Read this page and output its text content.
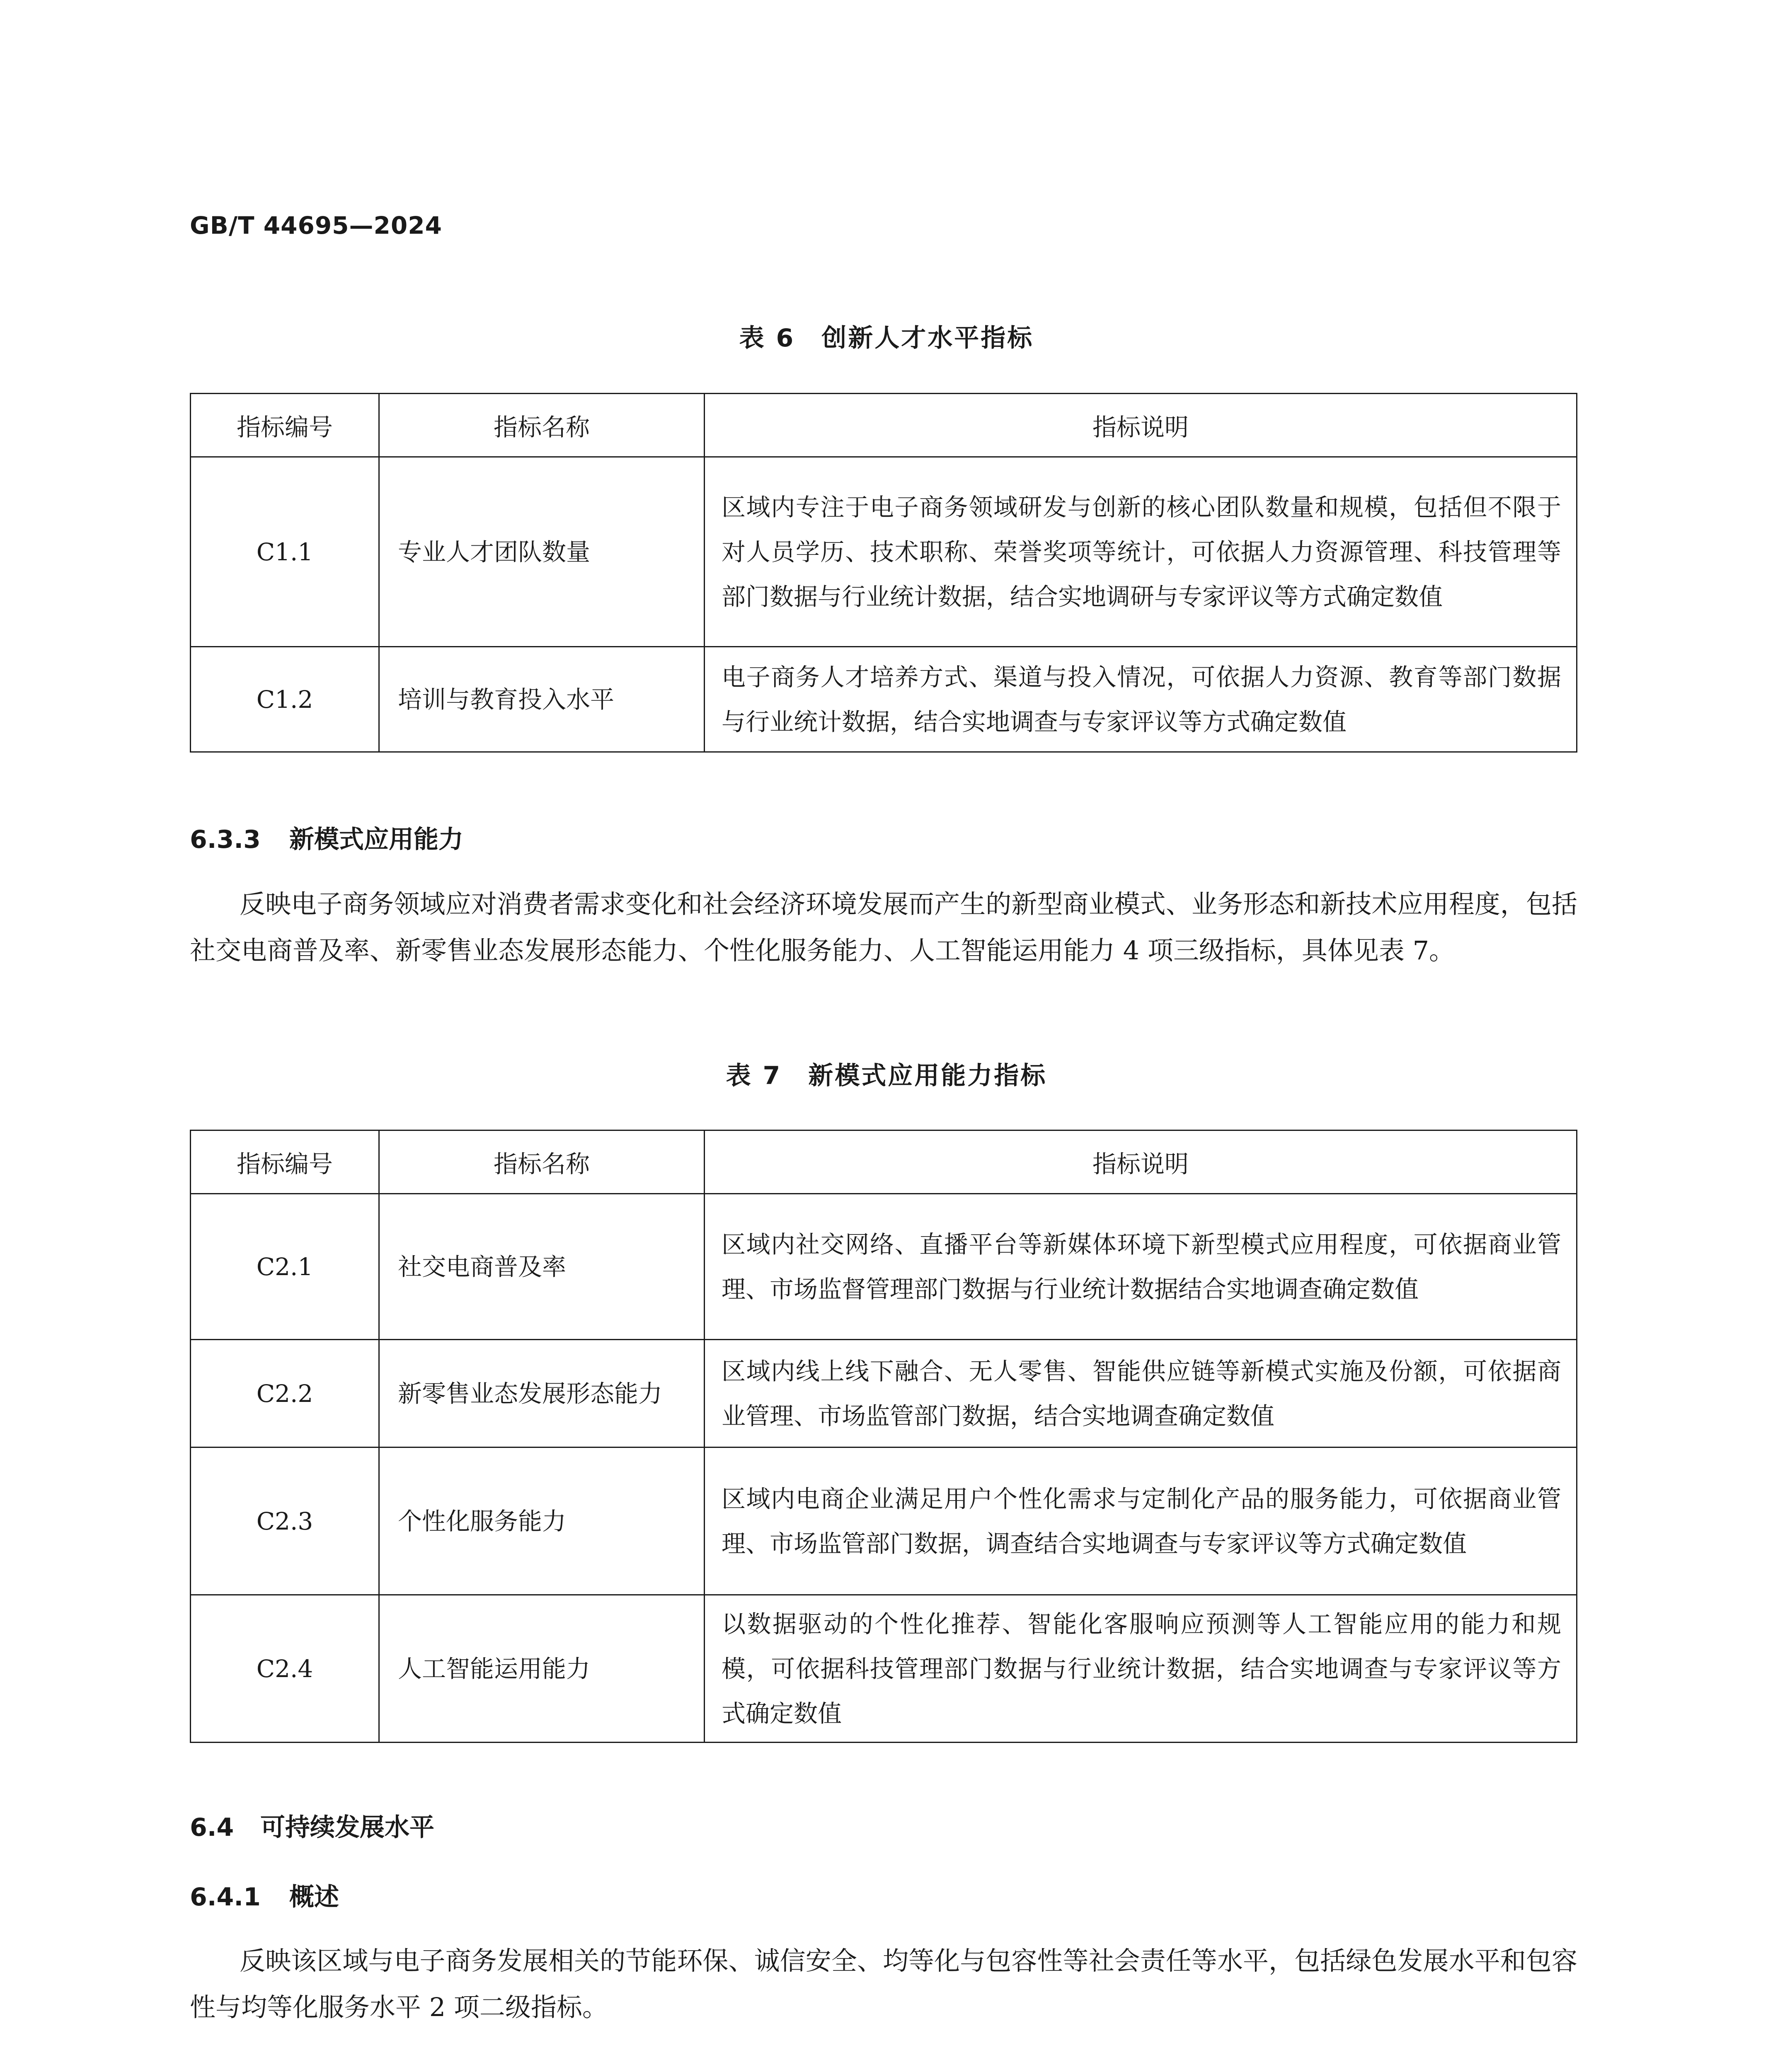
GB/T 44695—2024
表 6　创新人才水平指标
指标编号	指标名称	指标说明
C1.1	专业人才团队数量	区域内专注于电子商务领域研发与创新的核心团队数量和规模，包括但不限于对人员学历、技术职称、荣誉奖项等统计，可依据人力资源管理、科技管理等部门数据与行业统计数据，结合实地调研与专家评议等方式确定数值
C1.2	培训与教育投入水平	电子商务人才培养方式、渠道与投入情况，可依据人力资源、教育等部门数据与行业统计数据，结合实地调查与专家评议等方式确定数值
6.3.3 新模式应用能力

反映电子商务领域应对消费者需求变化和社会经济环境发展而产生的新型商业模式、业务形态和新技术应用程度，包括社交电商普及率、新零售业态发展形态能力、个性化服务能力、人工智能运用能力 4 项三级指标，具体见表 7。

表 7　新模式应用能力指标
指标编号	指标名称	指标说明
C2.1	社交电商普及率	区域内社交网络、直播平台等新媒体环境下新型模式应用程度，可依据商业管理、市场监督管理部门数据与行业统计数据结合实地调查确定数值
C2.2	新零售业态发展形态能力	区域内线上线下融合、无人零售、智能供应链等新模式实施及份额，可依据商业管理、市场监管部门数据，结合实地调查确定数值
C2.3	个性化服务能力	区域内电商企业满足用户个性化需求与定制化产品的服务能力，可依据商业管理、市场监管部门数据，调查结合实地调查与专家评议等方式确定数值
C2.4	人工智能运用能力	以数据驱动的个性化推荐、智能化客服响应预测等人工智能应用的能力和规模，可依据科技管理部门数据与行业统计数据，结合实地调查与专家评议等方式确定数值
6.4 可持续发展水平
6.4.1 概述

反映该区域与电子商务发展相关的节能环保、诚信安全、均等化与包容性等社会责任等水平，包括绿色发展水平和包容性与均等化服务水平 2 项二级指标。
